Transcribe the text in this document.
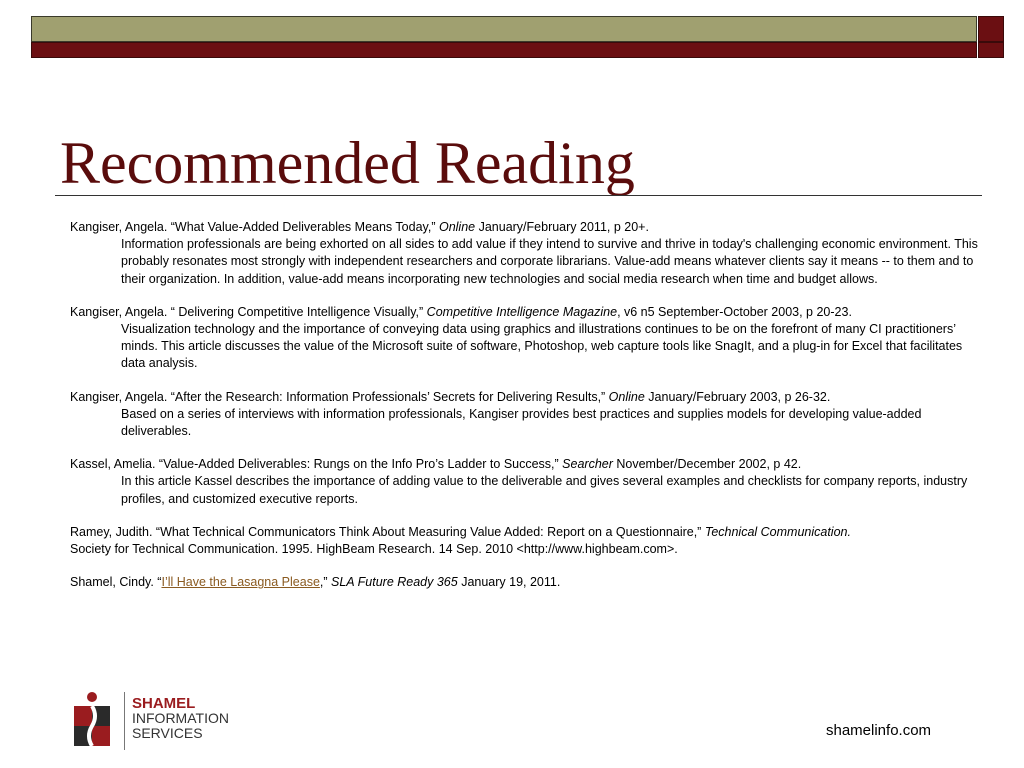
Recommended Reading
Kangiser, Angela. “What Value-Added Deliverables Means Today,” Online January/February 2011, p 20+.
Information professionals are being exhorted on all sides to add value if they intend to survive and thrive in today's challenging economic environment. This probably resonates most strongly with independent researchers and corporate librarians. Value-add means whatever clients say it means -- to them and to their organization. In addition, value-add means incorporating new technologies and social media research when time and budget allows.
Kangiser, Angela. “ Delivering Competitive Intelligence Visually,” Competitive Intelligence Magazine, v6 n5 September-October 2003, p 20-23.
Visualization technology and the importance of conveying data using graphics and illustrations continues to be on the forefront of many CI practitioners’ minds. This article discusses the value of the Microsoft suite of software, Photoshop, web capture tools like SnagIt, and a plug-in for Excel that facilitates data analysis.
Kangiser, Angela. “After the Research: Information Professionals’ Secrets for Delivering Results,” Online January/February 2003, p 26-32.
Based on a series of interviews with information professionals, Kangiser provides best practices and supplies models for developing value-added deliverables.
Kassel, Amelia. “Value-Added Deliverables: Rungs on the Info Pro’s Ladder to Success,” Searcher November/December 2002, p 42.
In this article Kassel describes the importance of adding value to the deliverable and gives several examples and checklists for company reports, industry profiles, and customized executive reports.
Ramey, Judith. “What Technical Communicators Think About Measuring Value Added: Report on a Questionnaire,” Technical Communication.
Society for Technical Communication. 1995. HighBeam Research. 14 Sep. 2010 <http://www.highbeam.com>.
Shamel, Cindy. “I’ll Have the Lasagna Please,” SLA Future Ready 365 January 19, 2011.
SHAMEL
INFORMATION
SERVICES	shamelinfo.com
